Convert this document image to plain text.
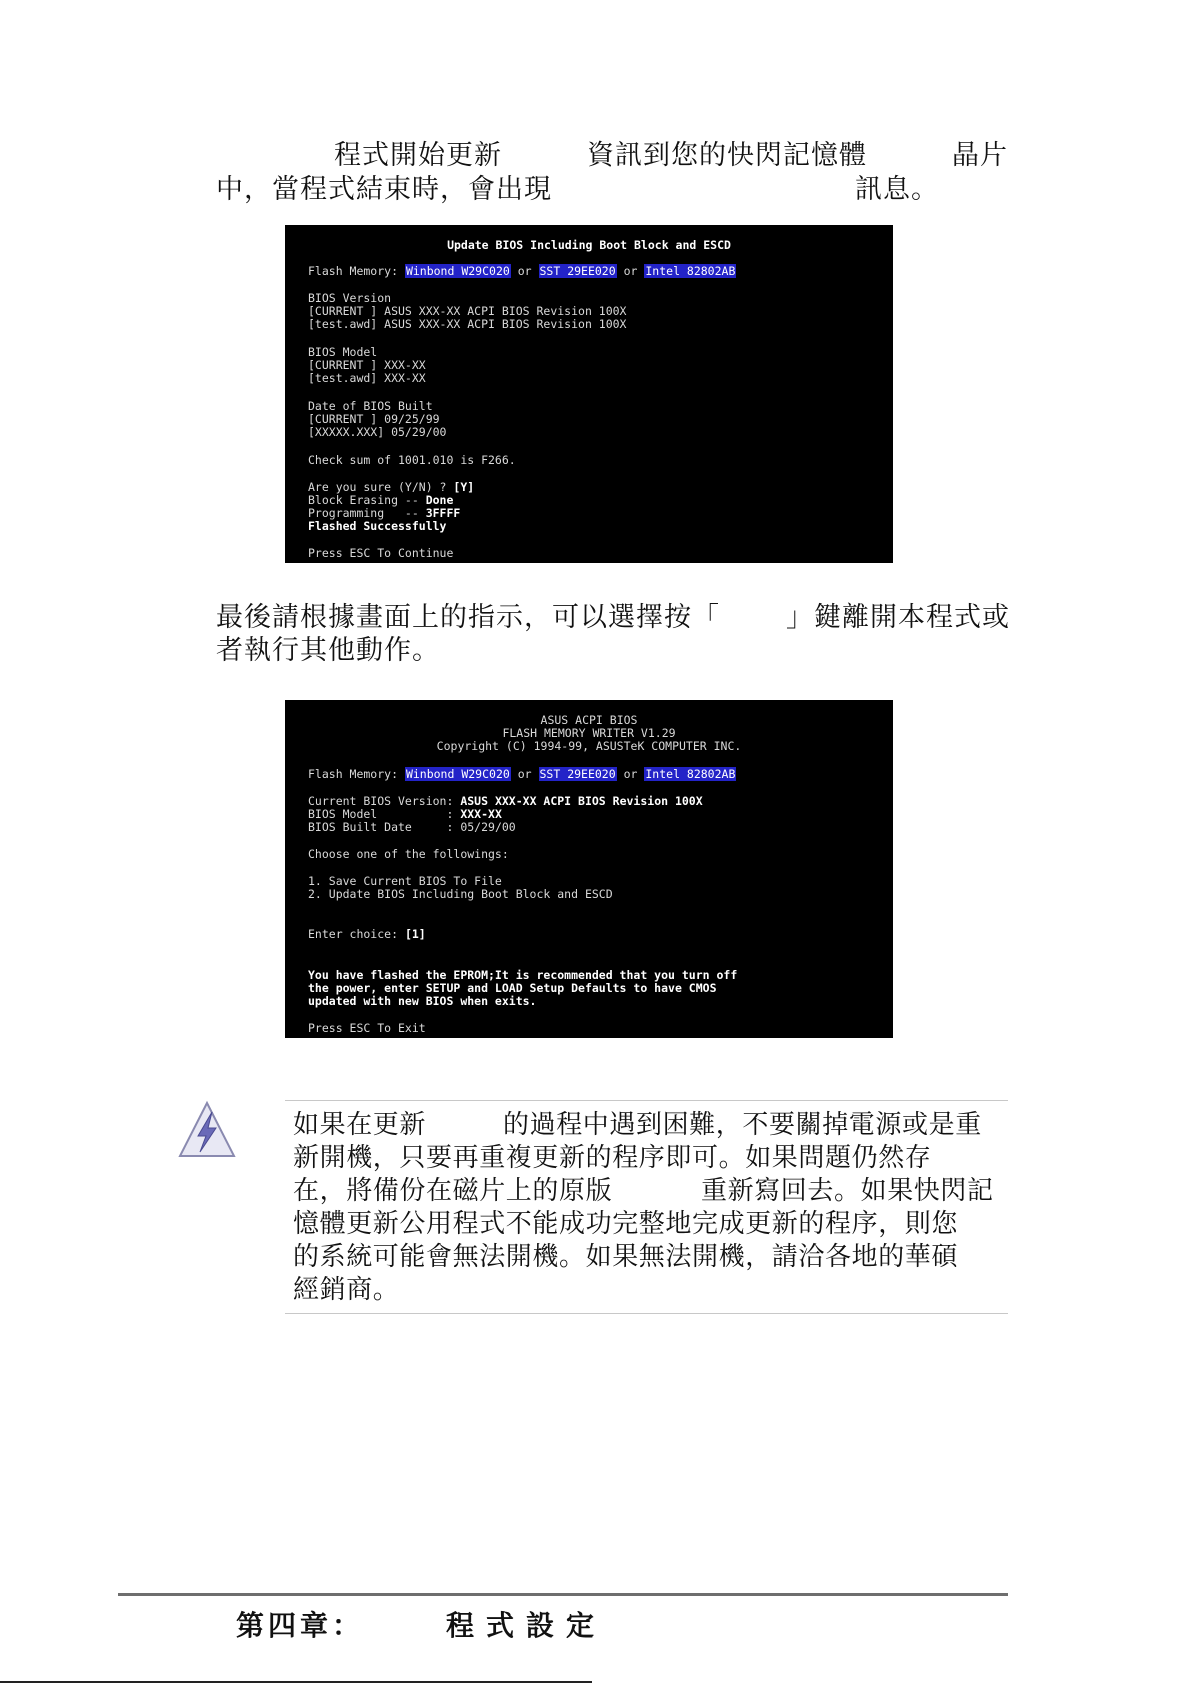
程式開始更新	資訊到您的快閃記憶體	晶片
中，當程式結束時，會出現	訊息。
Update BIOS Including Boot Block and ESCD
Flash Memory: Winbond W29C020 or SST 29EE020 or Intel 82802AB
BIOS Version
[CURRENT ] ASUS XXX-XX ACPI BIOS Revision 100X
[test.awd] ASUS XXX-XX ACPI BIOS Revision 100X
BIOS Model
[CURRENT ] XXX-XX
[test.awd] XXX-XX
Date of BIOS Built
[CURRENT ] 09/25/99
[XXXXX.XXX] 05/29/00
Check sum of 1001.010 is F266.
Are you sure (Y/N) ? [Y]
Block Erasing -- Done
Programming   -- 3FFFF
Flashed Successfully
Press ESC To Continue
最後請根據畫面上的指示，可以選擇按「 」鍵離開本程式或
者執行其他動作。
ASUS ACPI BIOS
FLASH MEMORY WRITER V1.29
Copyright (C) 1994-99, ASUSTeK COMPUTER INC.
Flash Memory: Winbond W29C020 or SST 29EE020 or Intel 82802AB
Current BIOS Version: ASUS XXX-XX ACPI BIOS Revision 100X
BIOS Model          : XXX-XX
BIOS Built Date     : 05/29/00
Choose one of the followings:
1. Save Current BIOS To File
2. Update BIOS Including Boot Block and ESCD
Enter choice: [1]
You have flashed the EPROM;It is recommended that you turn off
the power, enter SETUP and LOAD Setup Defaults to have CMOS
updated with new BIOS when exits.
Press ESC To Exit
如果在更新	的過程中遇到困難，不要關掉電源或是重
新開機，只要再重複更新的程序即可。如果問題仍然存
在，將備份在磁片上的原版	重新寫回去。如果快閃記
憶體更新公用程式不能成功完整地完成更新的程序，則您
的系統可能會無法開機。如果無法開機，請洽各地的華碩
經銷商。
第四章：	程式設定
